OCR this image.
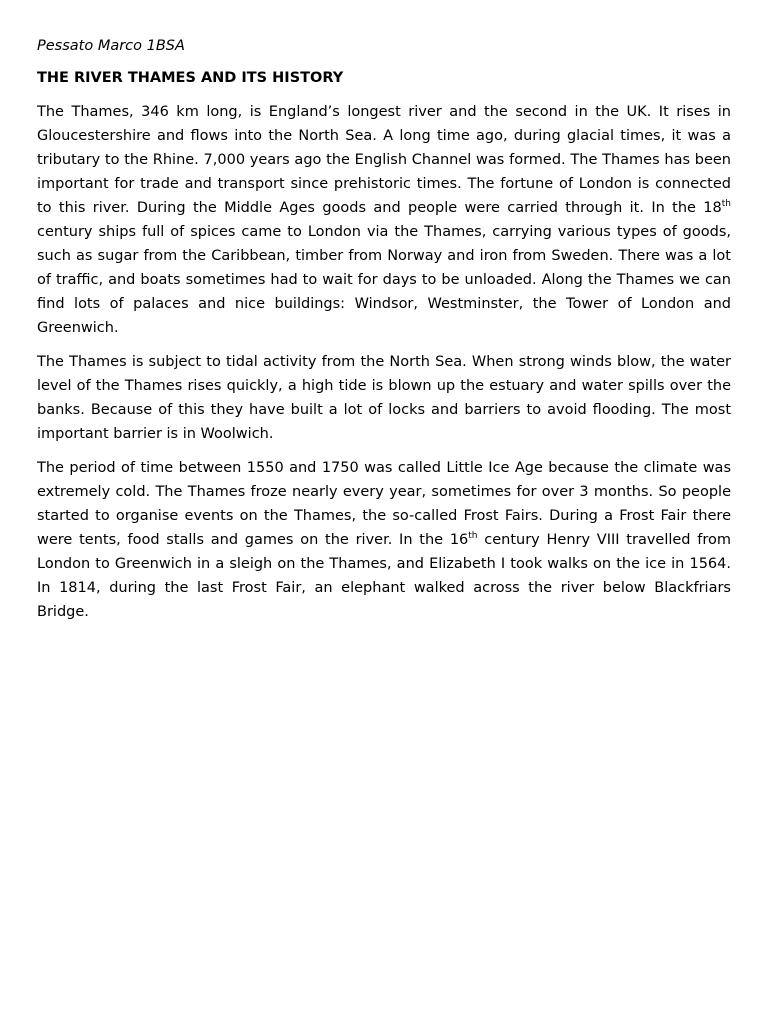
Pessato Marco 1BSA

THE RIVER THAMES AND ITS HISTORY

The Thames, 346 km long, is England’s longest river and the second in the UK. It rises in Gloucestershire and flows into the North Sea. A long time ago, during glacial times, it was a tributary to the Rhine. 7,000 years ago the English Channel was formed. The Thames has been important for trade and transport since prehistoric times. The fortune of London is connected to this river. During the Middle Ages goods and people were carried through it. In the 18th century ships full of spices came to London via the Thames, carrying various types of goods, such as sugar from the Caribbean, timber from Norway and iron from Sweden. There was a lot of traffic, and boats sometimes had to wait for days to be unloaded. Along the Thames we can find lots of palaces and nice buildings: Windsor, Westminster, the Tower of London and Greenwich.

The Thames is subject to tidal activity from the North Sea. When strong winds blow, the water level of the Thames rises quickly, a high tide is blown up the estuary and water spills over the banks. Because of this they have built a lot of locks and barriers to avoid flooding. The most important barrier is in Woolwich.

The period of time between 1550 and 1750 was called Little Ice Age because the climate was extremely cold. The Thames froze nearly every year, sometimes for over 3 months. So people started to organise events on the Thames, the so-called Frost Fairs. During a Frost Fair there were tents, food stalls and games on the river. In the 16th century Henry VIII travelled from London to Greenwich in a sleigh on the Thames, and Elizabeth I took walks on the ice in 1564. In 1814, during the last Frost Fair, an elephant walked across the river below Blackfriars Bridge.
